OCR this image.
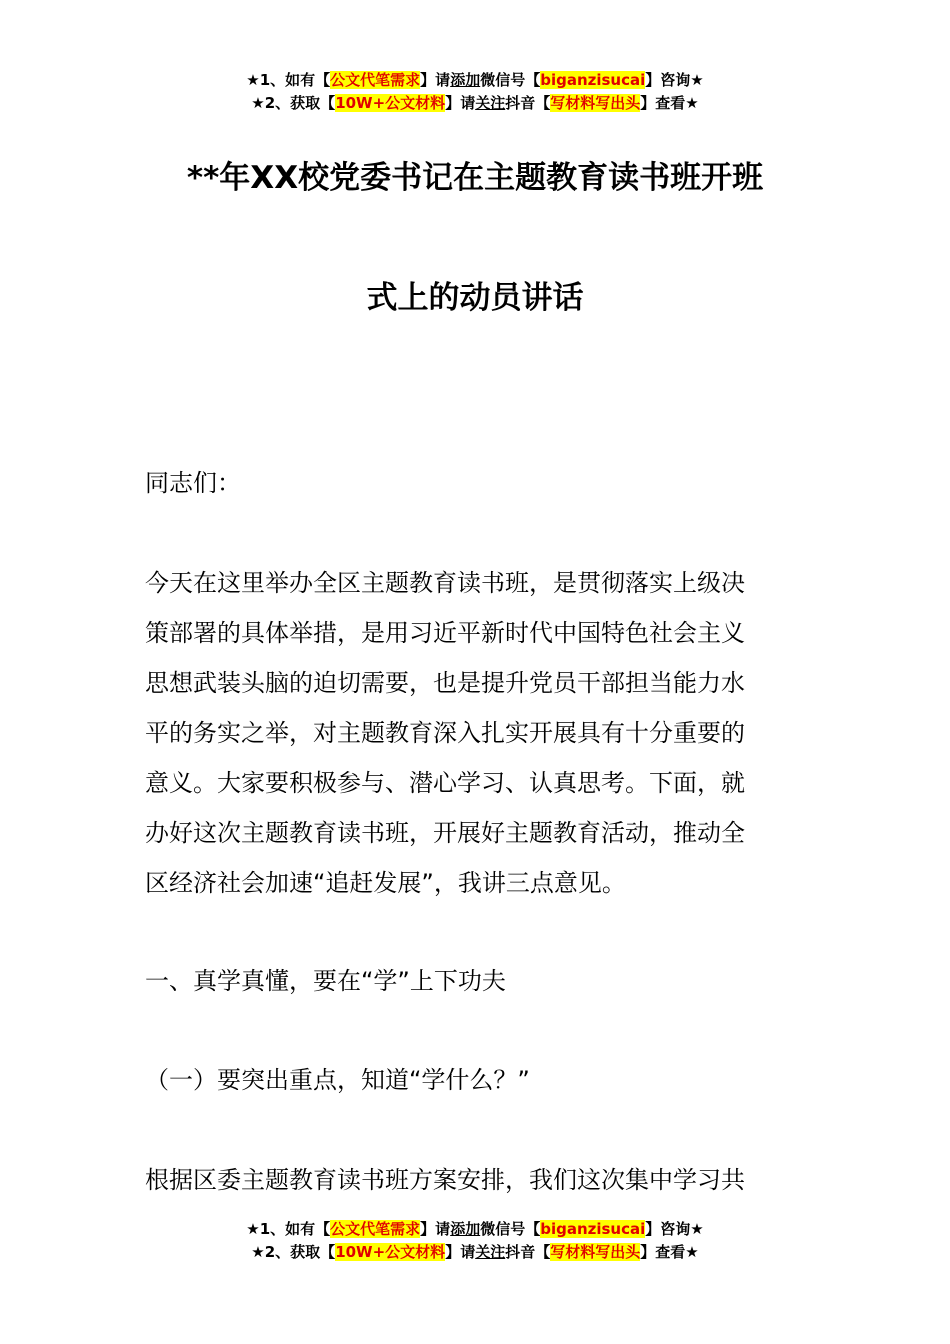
★1、如有【公文代笔需求】请添加微信号【biganzisucai】咨询★
★2、获取【10W+公文材料】请关注抖音【写材料写出头】查看★
**年XX校党委书记在主题教育读书班开班
式上的动员讲话
同志们：
今天在这里举办全区主题教育读书班，是贯彻落实上级决
策部署的具体举措，是用习近平新时代中国特色社会主义
思想武装头脑的迫切需要，也是提升党员干部担当能力水
平的务实之举，对主题教育深入扎实开展具有十分重要的
意义。大家要积极参与、潜心学习、认真思考。下面，就
办好这次主题教育读书班，开展好主题教育活动，推动全
区经济社会加速“追赶发展”，我讲三点意见。
一、真学真懂，要在“学”上下功夫
（一）要突出重点，知道“学什么？”
根据区委主题教育读书班方案安排，我们这次集中学习共
★1、如有【公文代笔需求】请添加微信号【biganzisucai】咨询★
★2、获取【10W+公文材料】请关注抖音【写材料写出头】查看★
